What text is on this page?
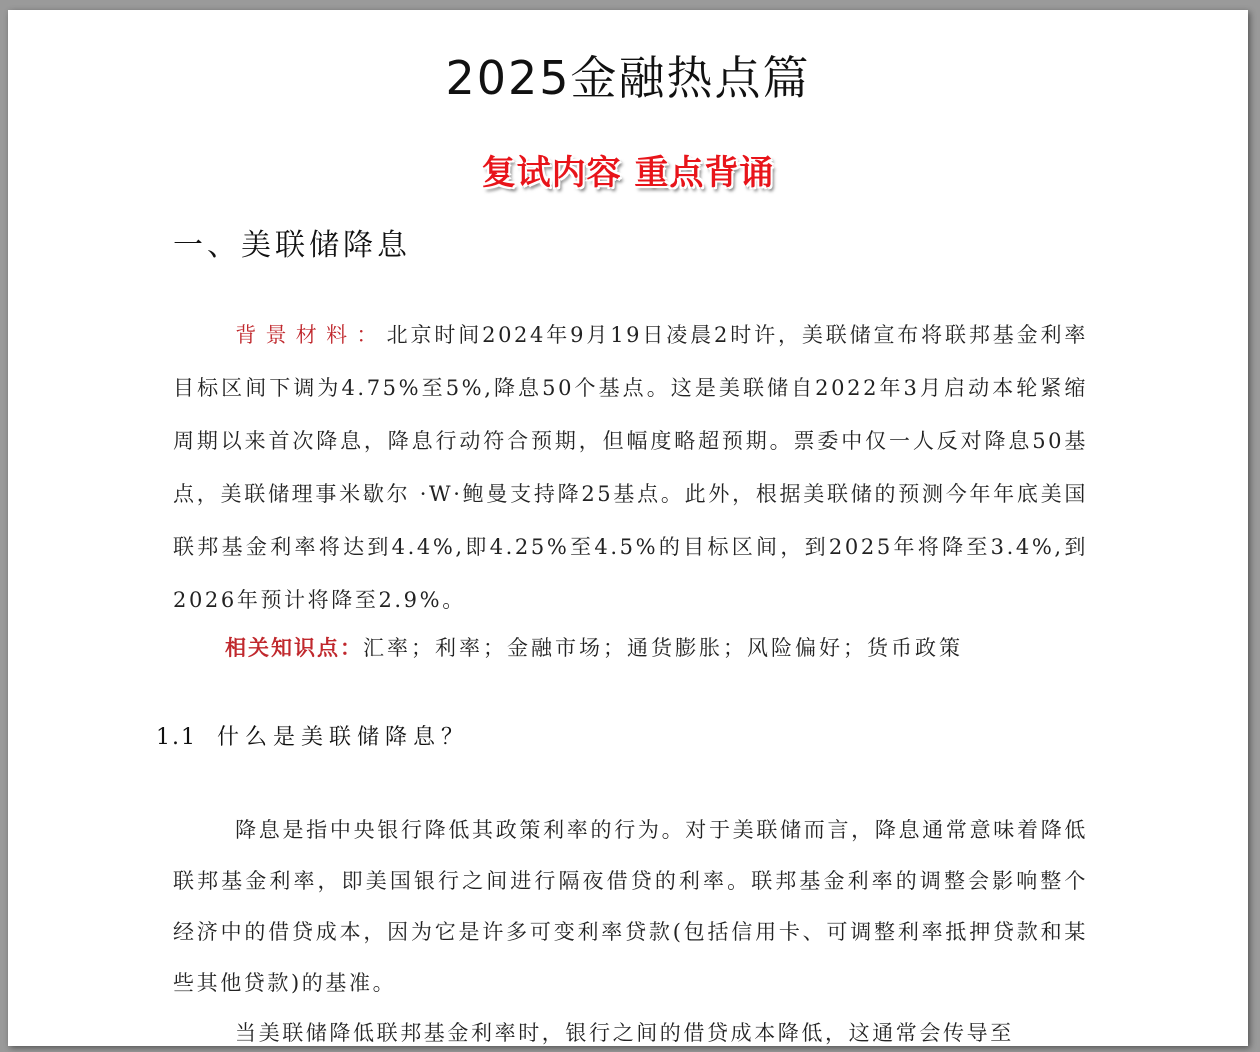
2025金融热点篇
复试内容 重点背诵
一、美联储降息

背景材料：北京时间2024年9月19日凌晨2时许，美联储宣布将联邦基金利率目标区间下调为4.75%至5%,降息50个基点。这是美联储自2022年3月启动本轮紧缩周期以来首次降息，降息行动符合预期，但幅度略超预期。票委中仅一人反对降息50基点，美联储理事米歇尔 ·W·鲍曼支持降25基点。此外，根据美联储的预测今年年底美国联邦基金利率将达到4.4%,即4.25%至4.5%的目标区间，到2025年将降至3.4%,到2026年预计将降至2.9%。

相关知识点：汇率；利率；金融市场；通货膨胀；风险偏好；货币政策
1.1 什么是美联储降息？

降息是指中央银行降低其政策利率的行为。对于美联储而言，降息通常意味着降低联邦基金利率，即美国银行之间进行隔夜借贷的利率。联邦基金利率的调整会影响整个经济中的借贷成本，因为它是许多可变利率贷款(包括信用卡、可调整利率抵押贷款和某些其他贷款)的基准。

当美联储降低联邦基金利率时，银行之间的借贷成本降低，这通常会传导至
